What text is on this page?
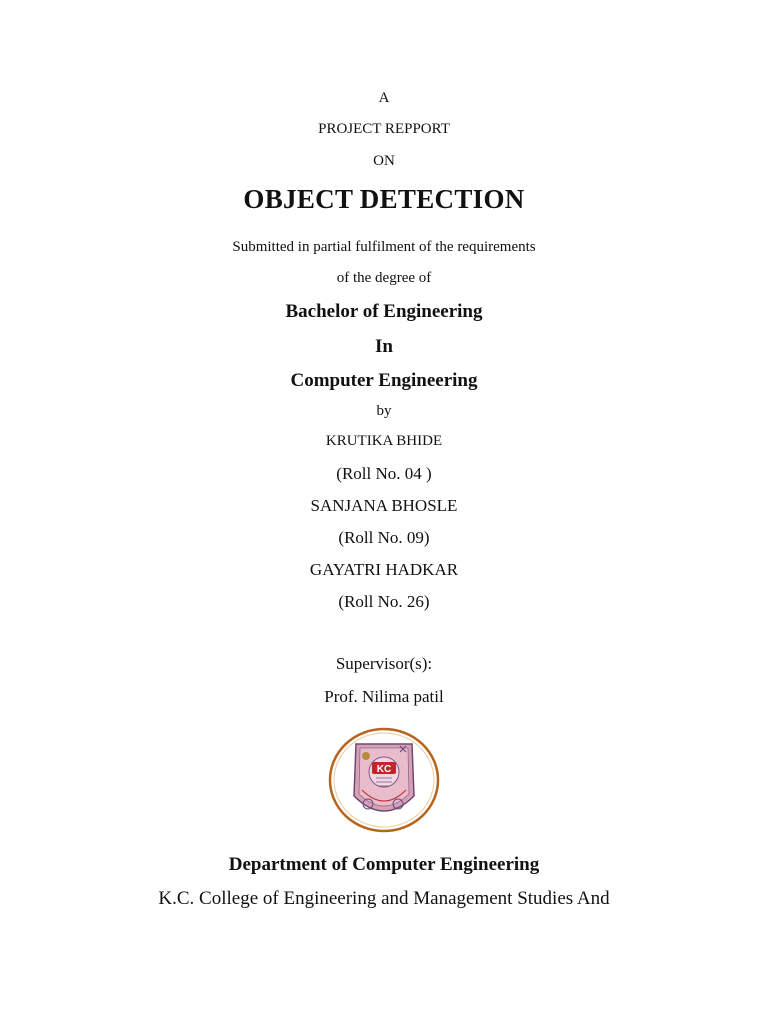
A
PROJECT REPPORT
ON
OBJECT DETECTION
Submitted in partial fulfilment of the requirements
of the degree of
Bachelor of Engineering
In
Computer Engineering
by
KRUTIKA BHIDE
(Roll No. 04 )
SANJANA BHOSLE
(Roll No. 09)
GAYATRI HADKAR
(Roll No. 26)
Supervisor(s):
Prof. Nilima patil
KC
Department of Computer Engineering
K.C. College of Engineering and Management Studies And
